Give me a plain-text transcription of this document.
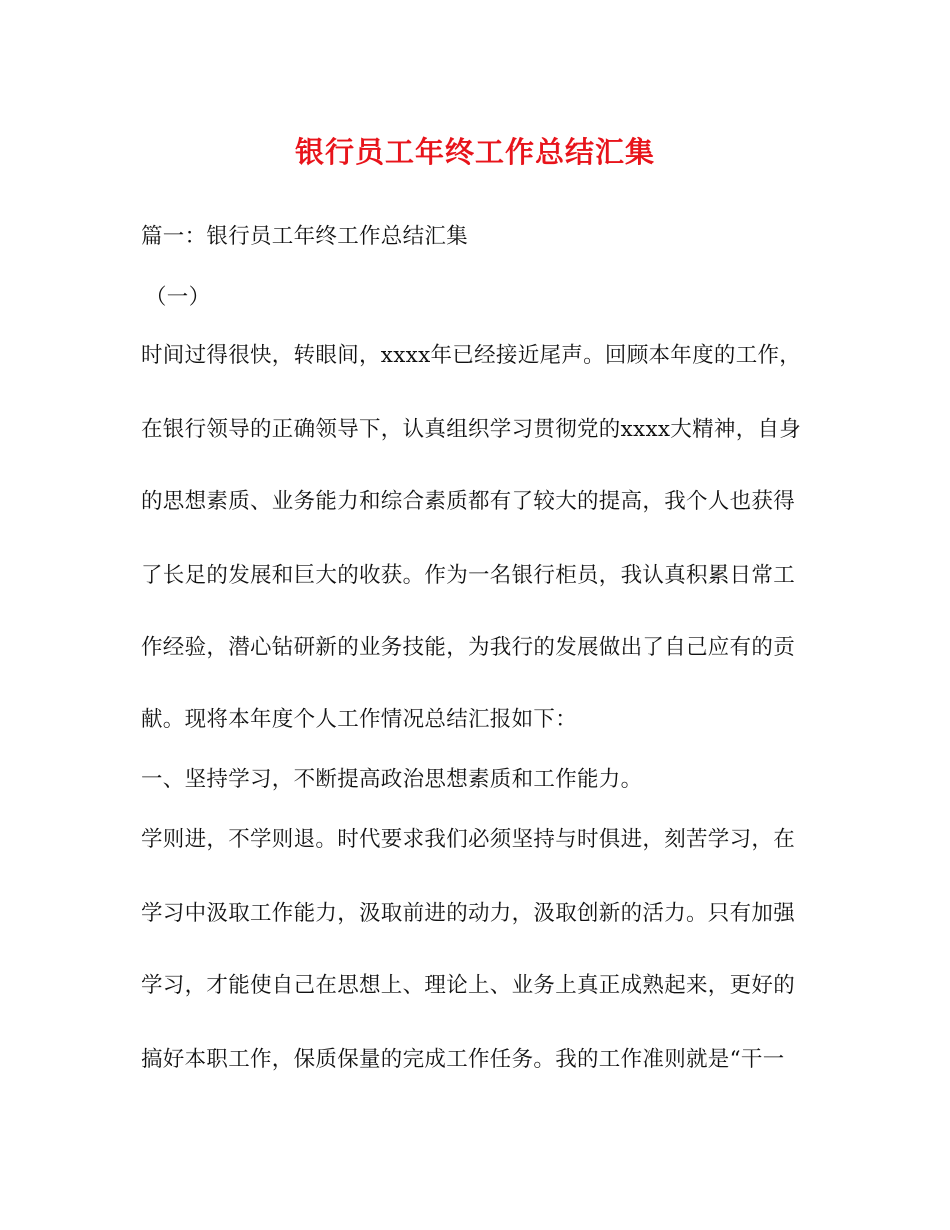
银行员工年终工作总结汇集
篇一：银行员工年终工作总结汇集
（一）
时间过得很快，转眼间，xxxx年已经接近尾声。回顾本年度的工作，
在银行领导的正确领导下，认真组织学习贯彻党的xxxx大精神，自身
的思想素质、业务能力和综合素质都有了较大的提高，我个人也获得
了长足的发展和巨大的收获。作为一名银行柜员，我认真积累日常工
作经验，潜心钻研新的业务技能，为我行的发展做出了自己应有的贡
献。现将本年度个人工作情况总结汇报如下：
一、坚持学习，不断提高政治思想素质和工作能力。
学则进，不学则退。时代要求我们必须坚持与时俱进，刻苦学习，在
学习中汲取工作能力，汲取前进的动力，汲取创新的活力。只有加强
学习，才能使自己在思想上、理论上、业务上真正成熟起来，更好的
搞好本职工作，保质保量的完成工作任务。我的工作准则就是“干一
